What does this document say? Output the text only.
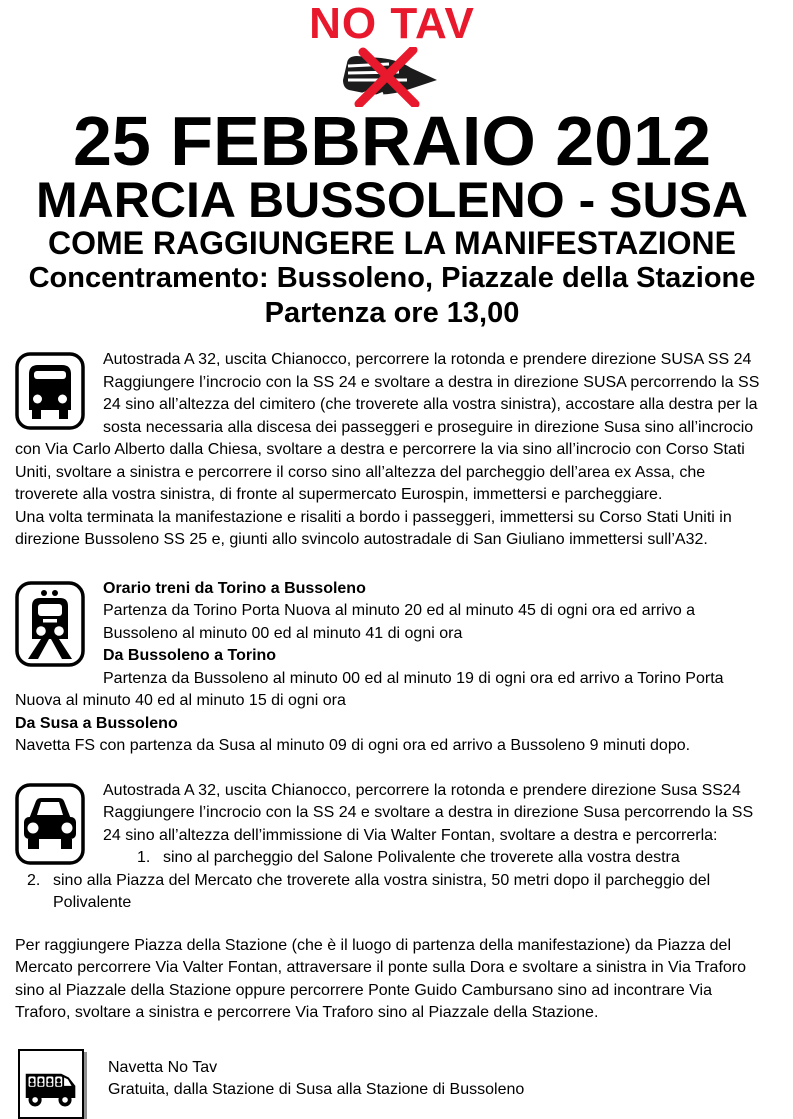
NO TAV
25 FEBBRAIO 2012
MARCIA BUSSOLENO - SUSA
COME RAGGIUNGERE LA MANIFESTAZIONE
Concentramento: Bussoleno, Piazzale della Stazione
Partenza ore 13,00

Autostrada A 32, uscita Chianocco, percorrere la rotonda e prendere direzione SUSA SS 24 Raggiungere l’incrocio con la SS 24 e svoltare a destra in direzione SUSA percorrendo la SS 24 sino all’altezza del cimitero (che troverete alla vostra sinistra), accostare alla destra per la sosta necessaria alla discesa dei passeggeri e proseguire in direzione Susa sino all’incrocio con Via Carlo Alberto dalla Chiesa, svoltare a destra e percorrere la via sino all’incrocio con Corso Stati Uniti, svoltare a sinistra e percorrere il corso sino all’altezza del parcheggio dell’area ex Assa, che troverete alla vostra sinistra, di fronte al supermercato Eurospin, immettersi e parcheggiare.

Una volta terminata la manifestazione e risaliti a bordo i passeggeri, immettersi su Corso Stati Uniti in direzione Bussoleno SS 25 e, giunti allo svincolo autostradale di San Giuliano immettersi sull’A32.

Orario treni da Torino a Bussoleno

Partenza da Torino Porta Nuova al minuto 20 ed al minuto 45 di ogni ora ed arrivo a Bussoleno al minuto 00 ed al minuto 41 di ogni ora

Da Bussoleno a Torino

Partenza da Bussoleno al minuto 00 ed al minuto 19 di ogni ora ed arrivo a Torino Porta Nuova al minuto 40 ed al minuto 15 di ogni ora

Da Susa a Bussoleno

Navetta FS con partenza da Susa al minuto 09 di ogni ora ed arrivo a Bussoleno 9 minuti dopo.

Autostrada A 32, uscita Chianocco, percorrere la rotonda e prendere direzione Susa SS24 Raggiungere l’incrocio con la SS 24 e svoltare a destra in direzione Susa percorrendo la SS 24 sino all’altezza dell’immissione di Via Walter Fontan, svoltare a destra e percorrerla:

1. sino al parcheggio del Salone Polivalente che troverete alla vostra destra
2. sino alla Piazza del Mercato che troverete alla vostra sinistra, 50 metri dopo il parcheggio del Polivalente

Per raggiungere Piazza della Stazione (che è il luogo di partenza della manifestazione) da Piazza del Mercato percorrere Via Valter Fontan, attraversare il ponte sulla Dora e svoltare a sinistra in Via Traforo sino al Piazzale della Stazione oppure percorrere Ponte Guido Cambursano sino ad incontrare Via Traforo, svoltare a sinistra e percorrere Via Traforo sino al Piazzale della Stazione.

Navetta No Tav

Gratuita, dalla Stazione di Susa alla Stazione di Bussoleno
